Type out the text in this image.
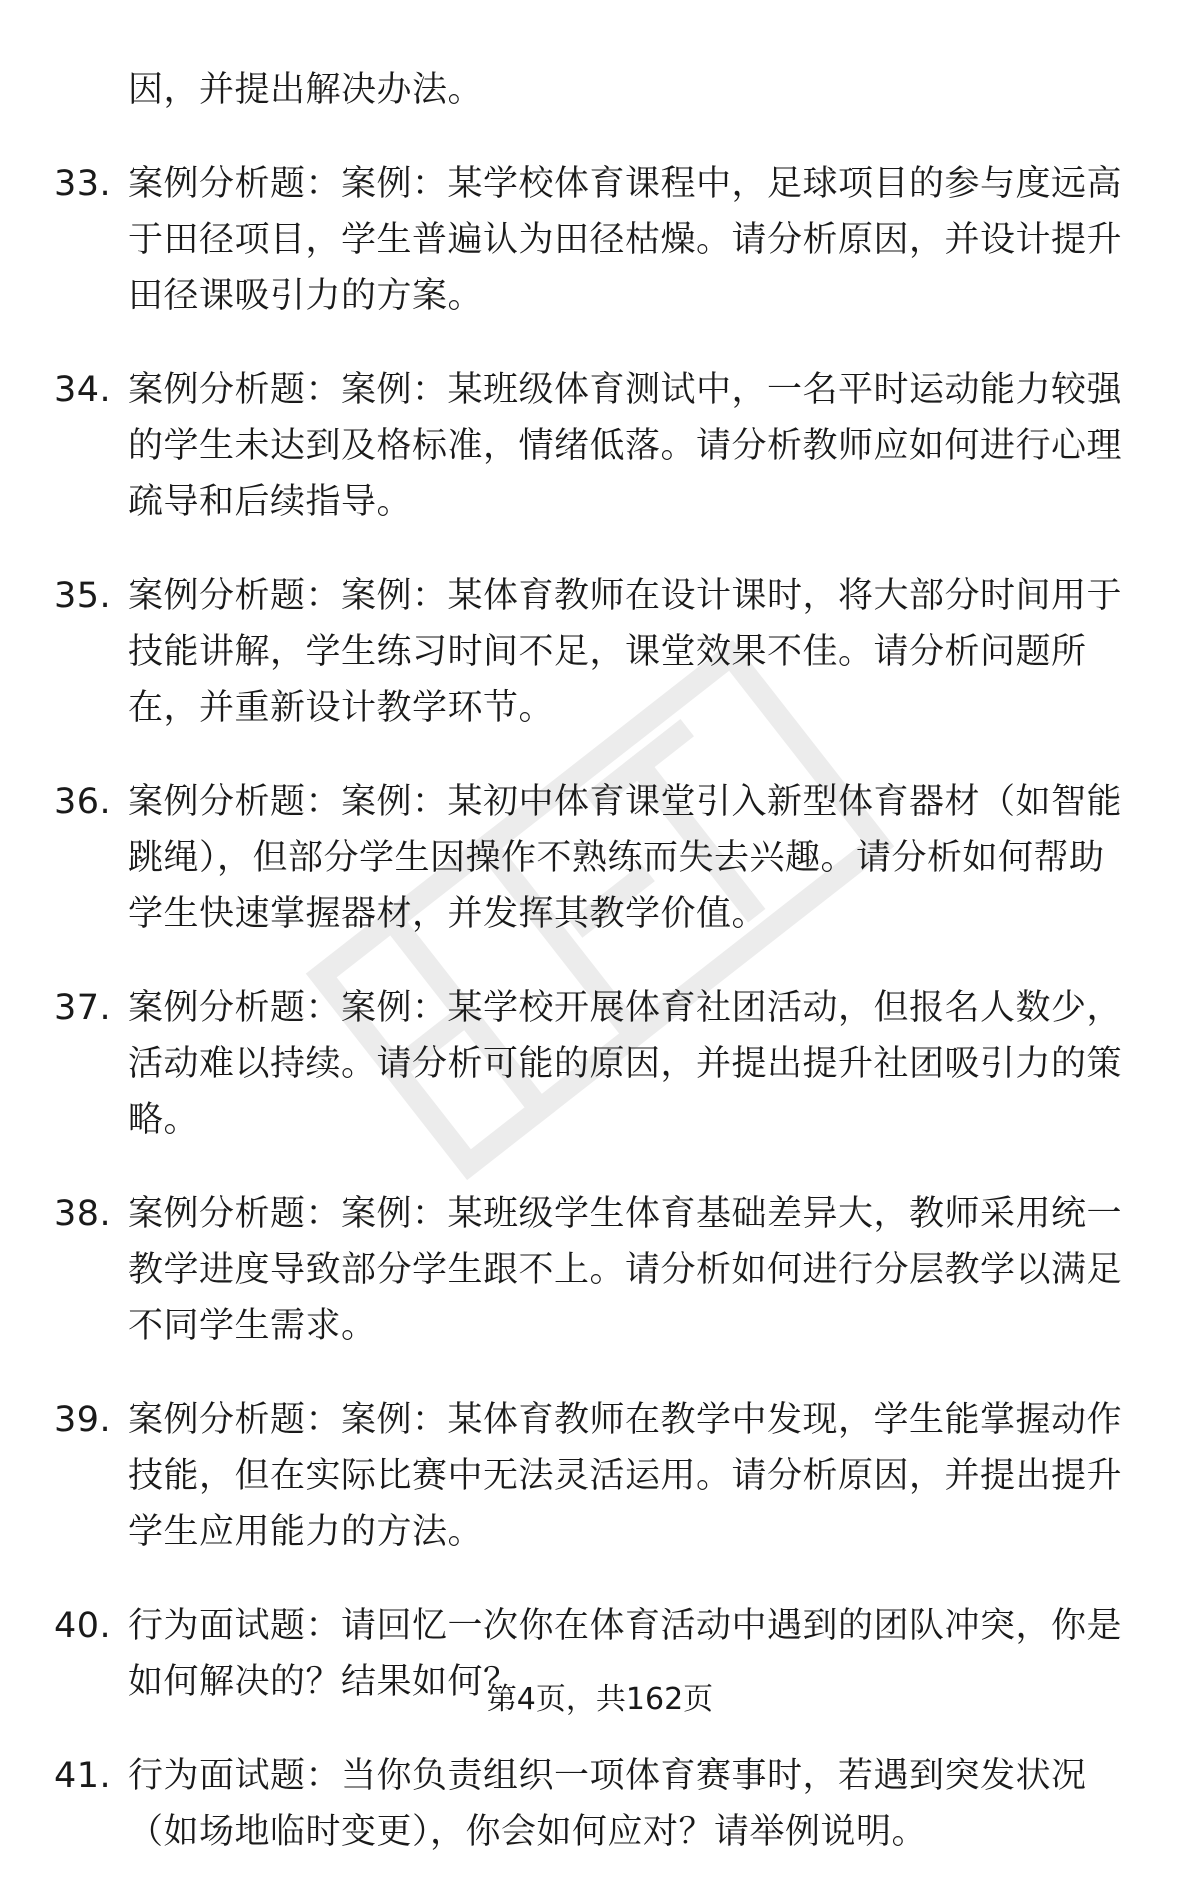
因，并提出解决办法。
33. 案例分析题：案例：某学校体育课程中，足球项目的参与度远高于田径项目，学生普遍认为田径枯燥。请分析原因，并设计提升田径课吸引力的方案。
34. 案例分析题：案例：某班级体育测试中，一名平时运动能力较强的学生未达到及格标准，情绪低落。请分析教师应如何进行心理疏导和后续指导。
35. 案例分析题：案例：某体育教师在设计课时，将大部分时间用于技能讲解，学生练习时间不足，课堂效果不佳。请分析问题所在，并重新设计教学环节。
36. 案例分析题：案例：某初中体育课堂引入新型体育器材（如智能跳绳），但部分学生因操作不熟练而失去兴趣。请分析如何帮助学生快速掌握器材，并发挥其教学价值。
37. 案例分析题：案例：某学校开展体育社团活动，但报名人数少，活动难以持续。请分析可能的原因，并提出提升社团吸引力的策略。
38. 案例分析题：案例：某班级学生体育基础差异大，教师采用统一教学进度导致部分学生跟不上。请分析如何进行分层教学以满足不同学生需求。
39. 案例分析题：案例：某体育教师在教学中发现，学生能掌握动作技能，但在实际比赛中无法灵活运用。请分析原因，并提出提升学生应用能力的方法。
40. 行为面试题：请回忆一次你在体育活动中遇到的团队冲突，你是如何解决的？结果如何？
41. 行为面试题：当你负责组织一项体育赛事时，若遇到突发状况（如场地临时变更），你会如何应对？请举例说明。
第4页，共162页
